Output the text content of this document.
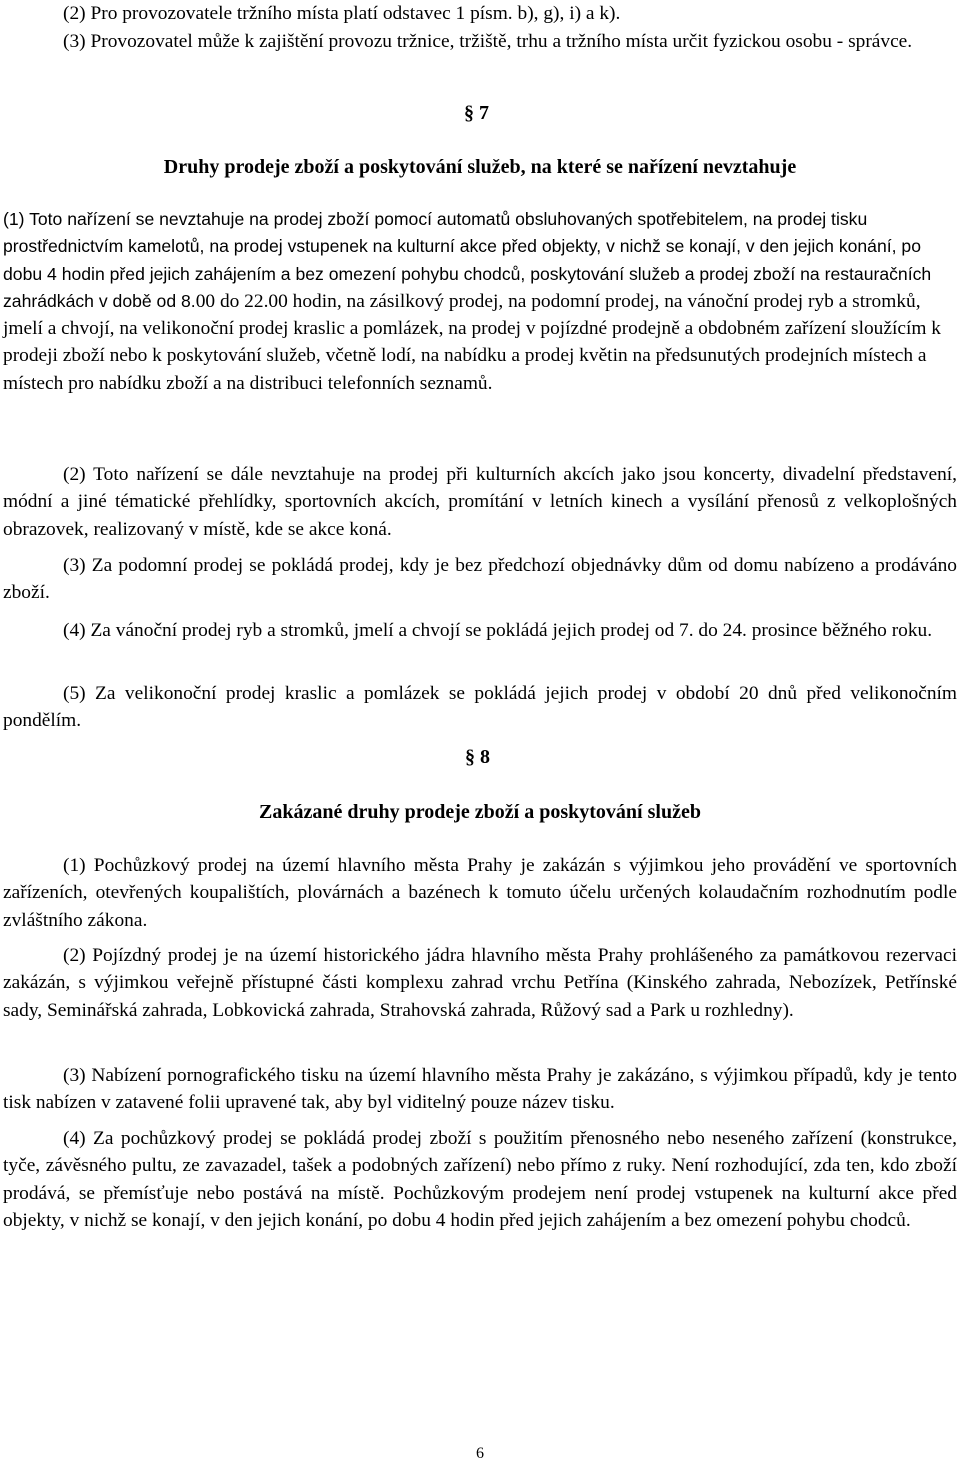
(2) Pro provozovatele tržního místa platí odstavec 1 písm. b), g), i) a k).

(3) Provozovatel může k zajištění provozu tržnice, tržiště, trhu a tržního místa určit fyzickou osobu - správce.

§ 7

Druhy prodeje zboží a poskytování služeb, na které se nařízení nevztahuje

(1) Toto nařízení se nevztahuje na prodej zboží pomocí automatů obsluhovaných spotřebitelem, na prodej tisku prostřednictvím kamelotů, na prodej vstupenek na kulturní akce před objekty, v nichž se konají, v den jejich konání, po dobu 4 hodin před jejich zahájením a bez omezení pohybu chodců, poskytování služeb a prodej zboží na restauračních zahrádkách v době od 8.

00 do 22.00 hodin, na zásilkový prodej, na podomní prodej, na vánoční prodej ryb a stromků, jmelí a chvojí, na velikonoční prodej kraslic a pomlázek, na prodej v pojízdné prodejně a obdobném zařízení sloužícím k prodeji zboží nebo k poskytování služeb, včetně lodí, na nabídku a prodej květin na předsunutých prodejních místech a místech pro nabídku zboží a na distribuci telefonních seznamů.

(2) Toto nařízení se dále nevztahuje na prodej při kulturních akcích jako jsou koncerty, divadelní představení, módní a jiné tématické přehlídky, sportovních akcích, promítání v letních kinech a vysílání přenosů z velkoplošných obrazovek, realizovaný v místě, kde se akce koná.

(3) Za podomní prodej se pokládá prodej, kdy je bez předchozí objednávky dům od domu nabízeno a prodáváno zboží.

(4) Za vánoční prodej ryb a stromků, jmelí a chvojí se pokládá jejich prodej od 7. do 24. prosince běžného roku.

(5) Za velikonoční prodej kraslic a pomlázek se pokládá jejich prodej v období 20 dnů před velikonočním pondělím.

§ 8

Zakázané druhy prodeje zboží a poskytování služeb

(1) Pochůzkový prodej na území hlavního města Prahy je zakázán s výjimkou jeho provádění ve sportovních zařízeních, otevřených koupalištích, plovárnách a bazénech k tomuto účelu určených kolaudačním rozhodnutím podle zvláštního zákona.

(2) Pojízdný prodej je na území historického jádra hlavního města Prahy prohlášeného za památkovou rezervaci zakázán, s výjimkou veřejně přístupné části komplexu zahrad vrchu Petřína (Kinského zahrada, Nebozízek, Petřínské sady, Seminářská zahrada, Lobkovická zahrada, Strahovská zahrada, Růžový sad a Park u rozhledny).

(3) Nabízení pornografického tisku na území hlavního města Prahy je zakázáno, s výjimkou případů, kdy je tento tisk nabízen v zatavené folii upravené tak, aby byl viditelný pouze název tisku.

(4) Za pochůzkový prodej se pokládá prodej zboží s použitím přenosného nebo neseného zařízení (konstrukce, tyče, závěsného pultu, ze zavazadel, tašek a podobných zařízení) nebo přímo z ruky. Není rozhodující, zda ten, kdo zboží prodává, se přemísťuje nebo postává na místě. Pochůzkovým prodejem není prodej vstupenek na kulturní akce před objekty, v nichž se konají, v den jejich konání, po dobu 4 hodin před jejich zahájením a bez omezení pohybu chodců.

6
